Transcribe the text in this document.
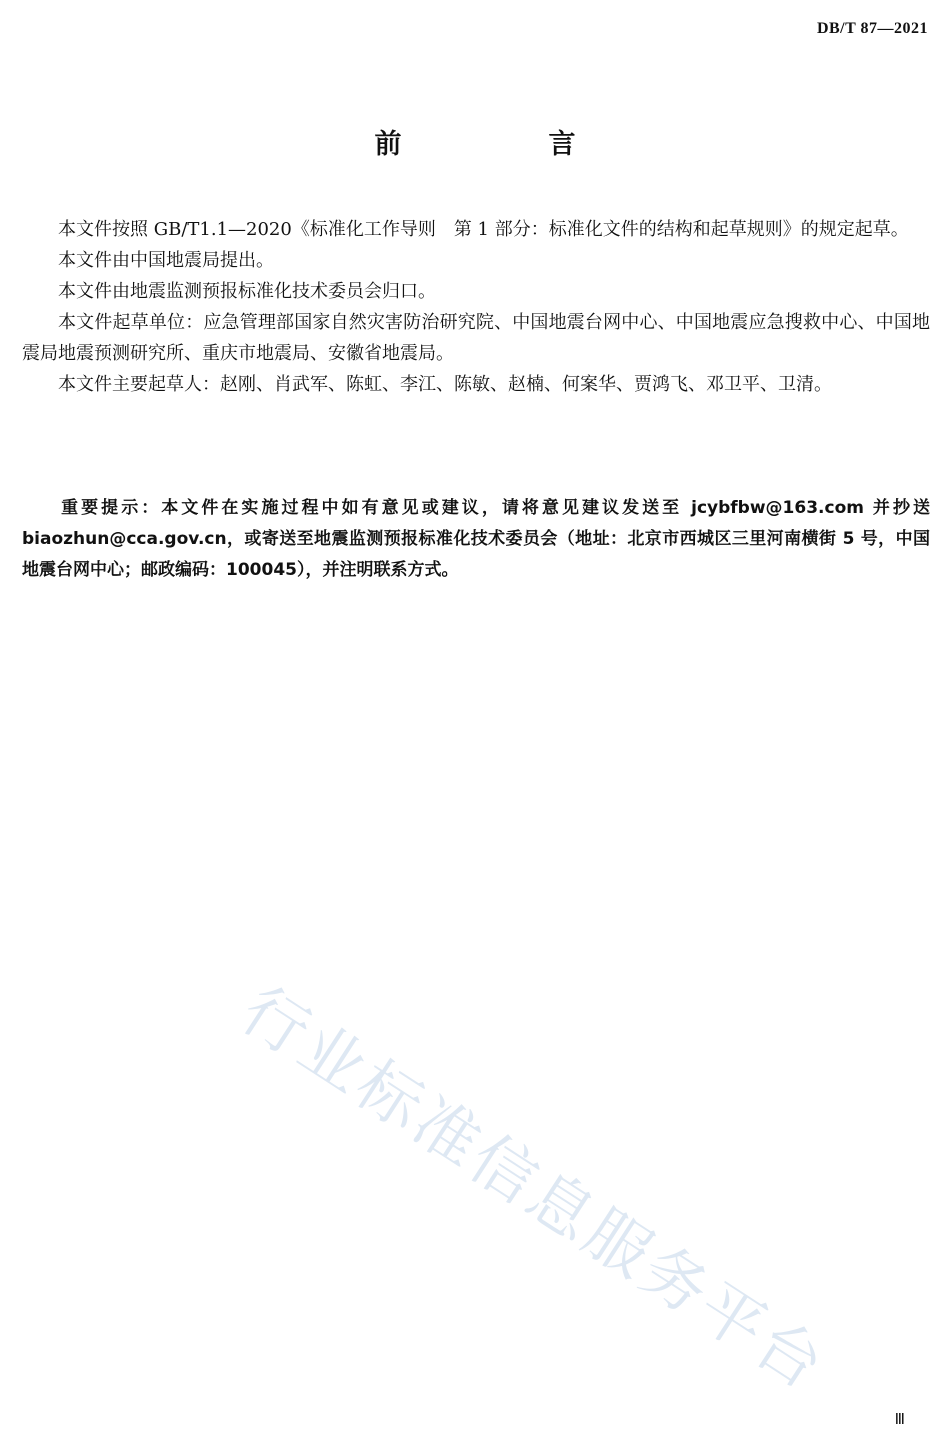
DB/T 87—2021
前　言

本文件按照 GB/T1.1—2020《标准化工作导则　第 1 部分：标准化文件的结构和起草规则》的规定起草。

本文件由中国地震局提出。

本文件由地震监测预报标准化技术委员会归口。

本文件起草单位：应急管理部国家自然灾害防治研究院、中国地震台网中心、中国地震应急搜救中心、中国地震局地震预测研究所、重庆市地震局、安徽省地震局。

本文件主要起草人：赵刚、肖武军、陈虹、李江、陈敏、赵楠、何案华、贾鸿飞、邓卫平、卫清。

重要提示：本文件在实施过程中如有意见或建议，请将意见建议发送至 jcybfbw@163.com 并抄送 biaozhun@cca.gov.cn，或寄送至地震监测预报标准化技术委员会（地址：北京市西城区三里河南横街 5 号，中国地震台网中心；邮政编码：100045），并注明联系方式。

行业标准信息服务平台
Ⅲ
